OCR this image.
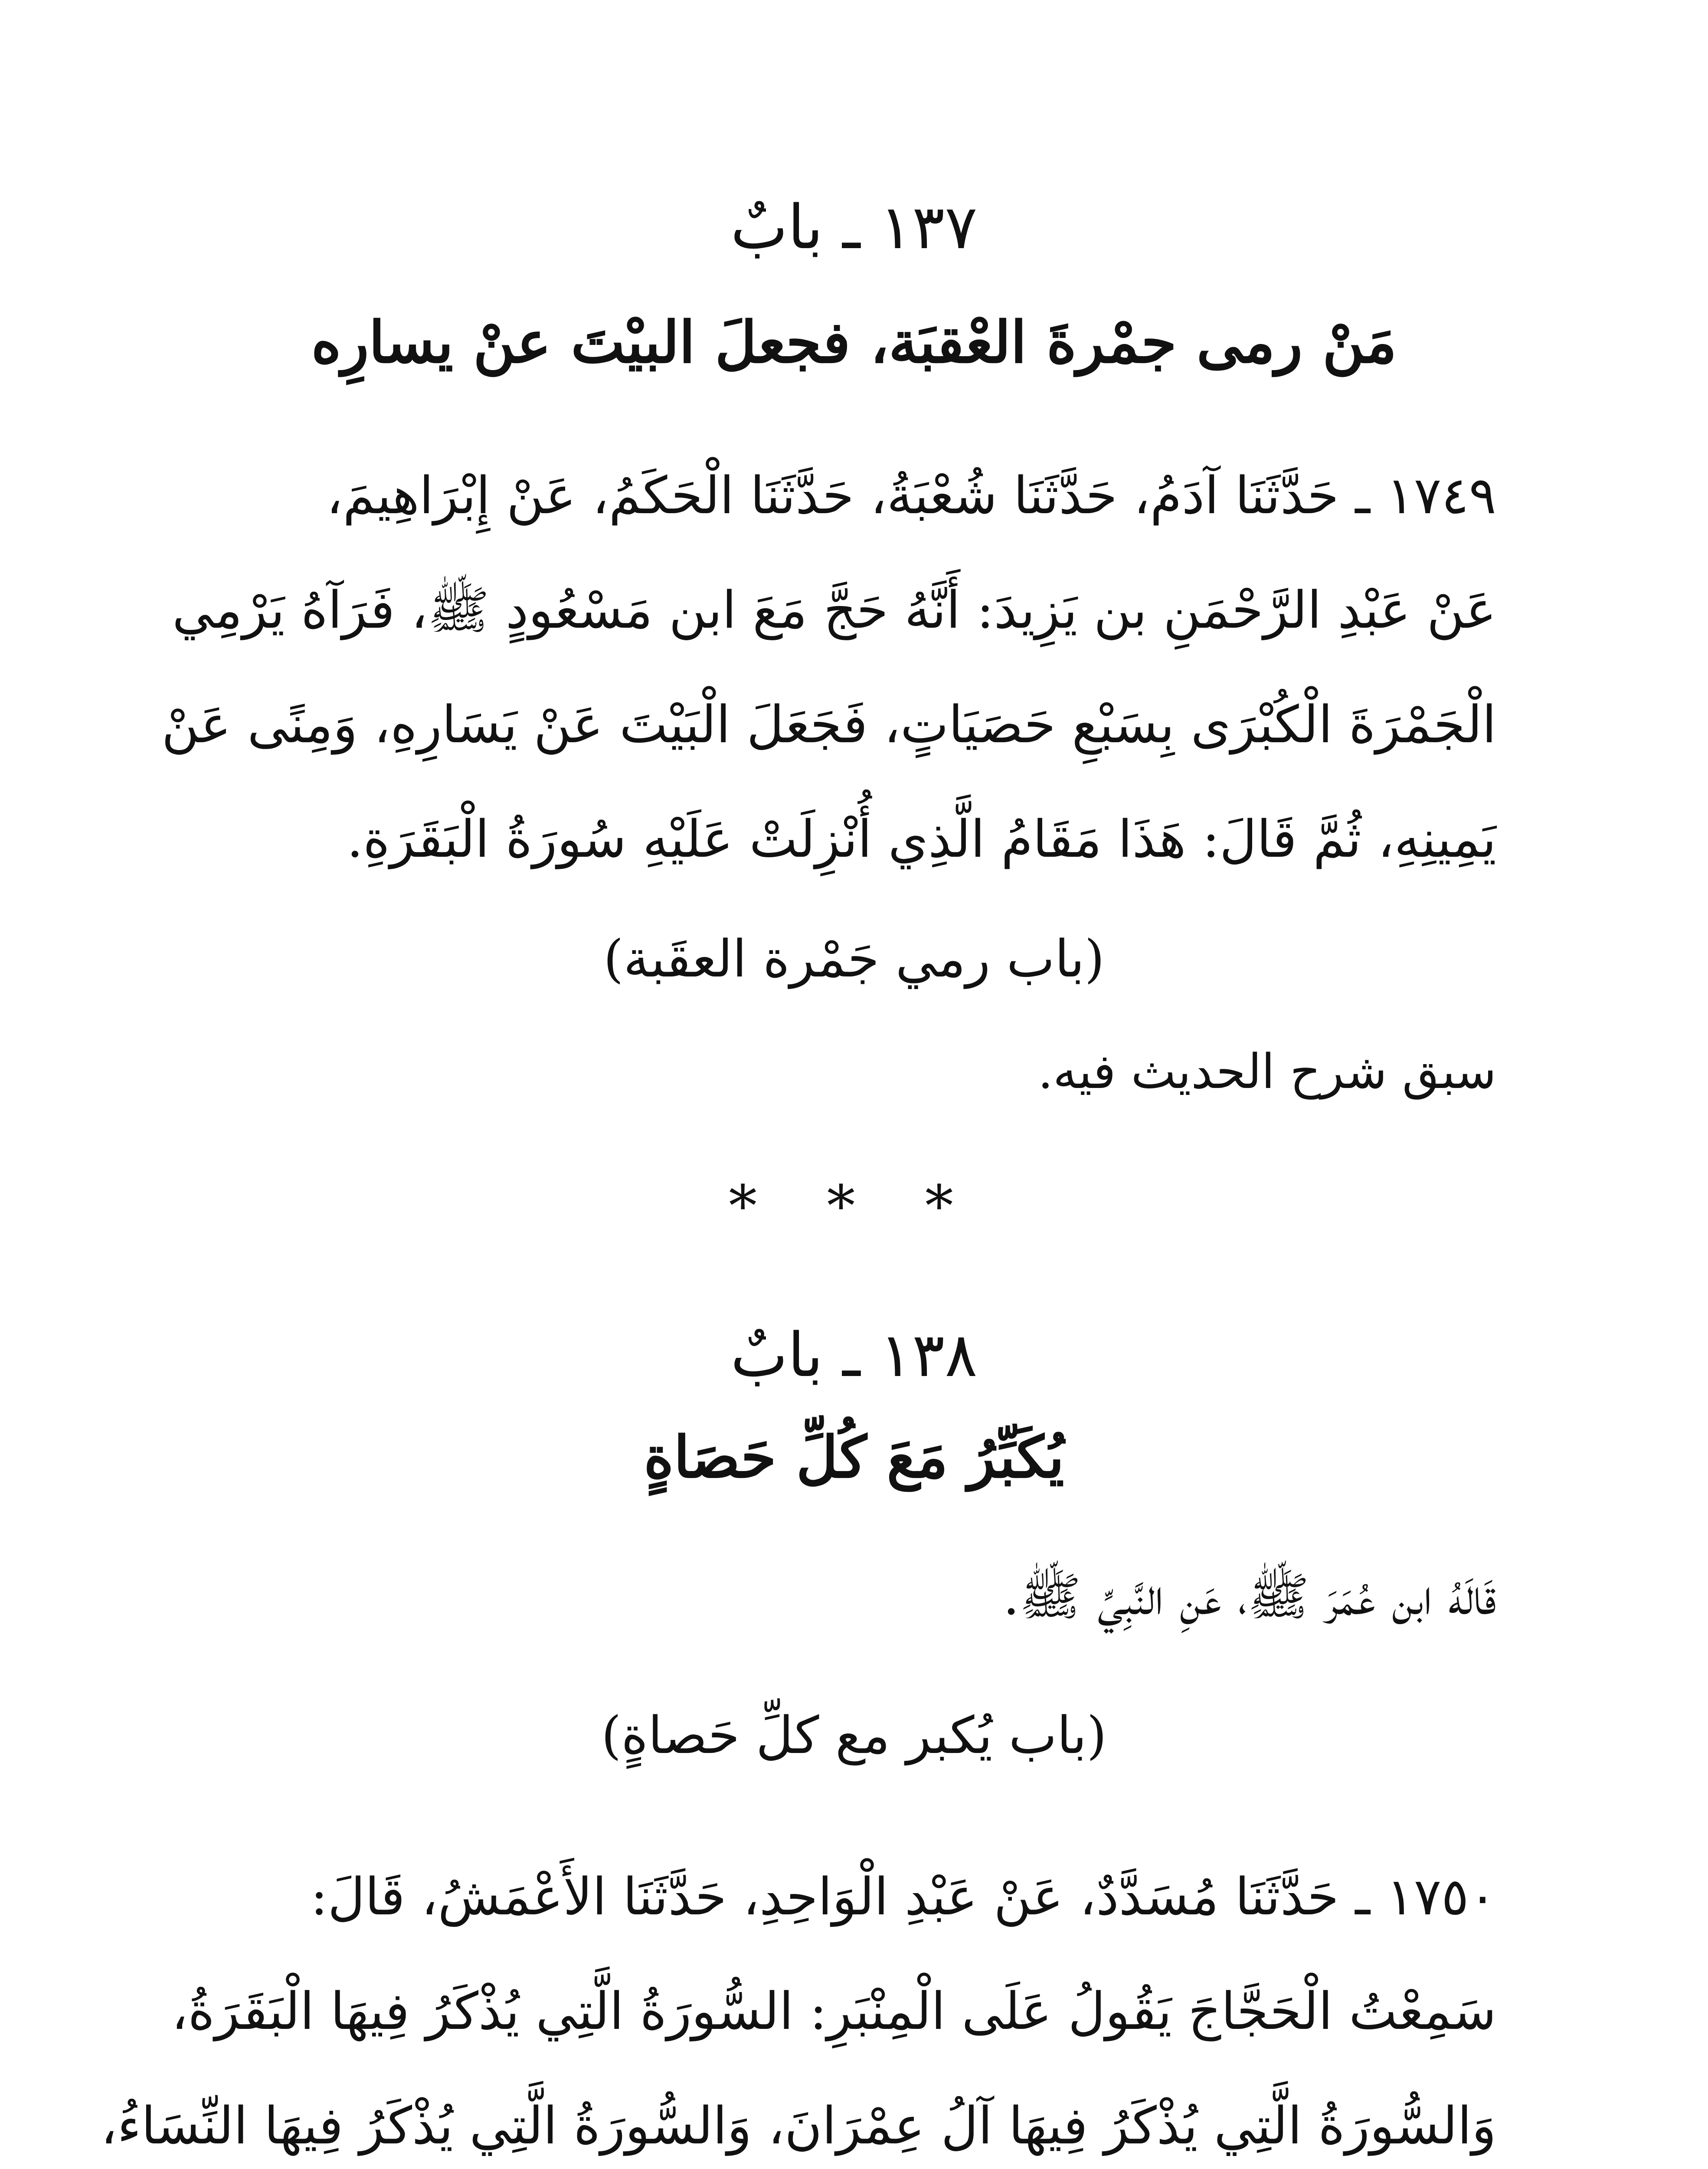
١٣٧ ـ بابٌ
مَنْ رمى جمْرةَ العْقبَة، فجعلَ البيْتَ عنْ يسارِه
١٧٤٩ ـ حَدَّثَنَا آدَمُ، حَدَّثَنَا شُعْبَةُ، حَدَّثَنَا الْحَكَمُ، عَنْ إِبْرَاهِيمَ،
عَنْ عَبْدِ الرَّحْمَنِ بن يَزِيدَ: أَنَّهُ حَجَّ مَعَ ابن مَسْعُودٍ ﷺ، فَرَآهُ يَرْمِي
الْجَمْرَةَ الْكُبْرَى بِسَبْعِ حَصَيَاتٍ، فَجَعَلَ الْبَيْتَ عَنْ يَسَارِهِ، وَمِنًى عَنْ
يَمِينِهِ، ثُمَّ قَالَ: هَذَا مَقَامُ الَّذِي أُنْزِلَتْ عَلَيْهِ سُورَةُ الْبَقَرَةِ.
(باب رمي جَمْرة العقَبة)
سبق شرح الحديث فيه.
* * *
١٣٨ ـ بابٌ
يُكَبِّرُ مَعَ كُلِّ حَصَاةٍ
قَالَهُ ابن عُمَرَ ﷺ، عَنِ النَّبِيِّ ﷺ.
(باب يُكبر مع كلِّ حَصاةٍ)
١٧٥٠ ـ حَدَّثَنَا مُسَدَّدٌ، عَنْ عَبْدِ الْوَاحِدِ، حَدَّثَنَا الأَعْمَشُ، قَالَ:
سَمِعْتُ الْحَجَّاجَ يَقُولُ عَلَى الْمِنْبَرِ: السُّورَةُ الَّتِي يُذْكَرُ فِيهَا الْبَقَرَةُ،
وَالسُّورَةُ الَّتِي يُذْكَرُ فِيهَا آلُ عِمْرَانَ، وَالسُّورَةُ الَّتِي يُذْكَرُ فِيهَا النِّسَاءُ،
